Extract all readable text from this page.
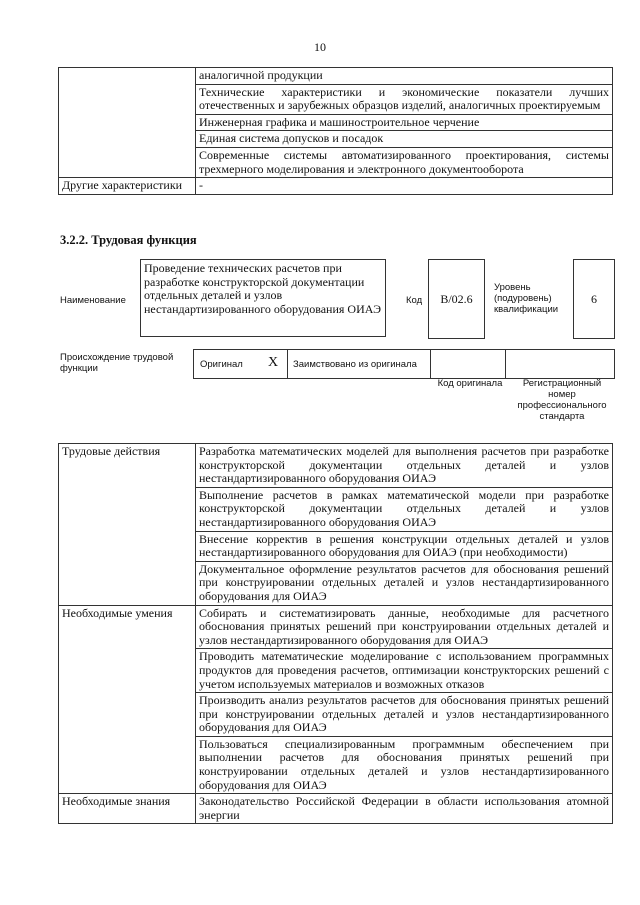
10
	аналогичной продукции
	Технические характеристики и экономические показатели лучших отечественных и зарубежных образцов изделий, аналогичных проектируемым
	Инженерная графика и машиностроительное черчение
	Единая система допусков и посадок
	Современные системы автоматизированного проектирования, системы трехмерного моделирования и электронного документооборота
Другие характеристики	-
3.2.2. Трудовая функция
Наименование
Проведение технических расчетов при разработке конструкторской документации отдельных деталей и узлов нестандартизированного оборудования ОИАЭ
Код	B/02.6
Уровень (подуровень) квалификации
6
Происхождение трудовой функции	Оригинал X Заимствовано из оригинала
Код оригинала	Регистрационный номер профессионального стандарта
Трудовые действия	Разработка математических моделей для выполнения расчетов при разработке конструкторской документации отдельных деталей и узлов нестандартизированного оборудования ОИАЭ
	Выполнение расчетов в рамках математической модели при разработке конструкторской документации отдельных деталей и узлов нестандартизированного оборудования ОИАЭ
	Внесение корректив в решения конструкции отдельных деталей и узлов нестандартизированного оборудования для ОИАЭ (при необходимости)
	Документальное оформление результатов расчетов для обоснования решений при конструировании отдельных деталей и узлов нестандартизированного оборудования для ОИАЭ
Необходимые умения	Собирать и систематизировать данные, необходимые для расчетного обоснования принятых решений при конструировании отдельных деталей и узлов нестандартизированного оборудования для ОИАЭ
	Проводить математические моделирование с использованием программных продуктов для проведения расчетов, оптимизации конструкторских решений с учетом используемых материалов и возможных отказов
	Производить анализ результатов расчетов для обоснования принятых решений при конструировании отдельных деталей и узлов нестандартизированного оборудования для ОИАЭ
	Пользоваться специализированным программным обеспечением при выполнении расчетов для обоснования принятых решений при конструировании отдельных деталей и узлов нестандартизированного оборудования для ОИАЭ
Необходимые знания	Законодательство Российской Федерации в области использования атомной энергии
